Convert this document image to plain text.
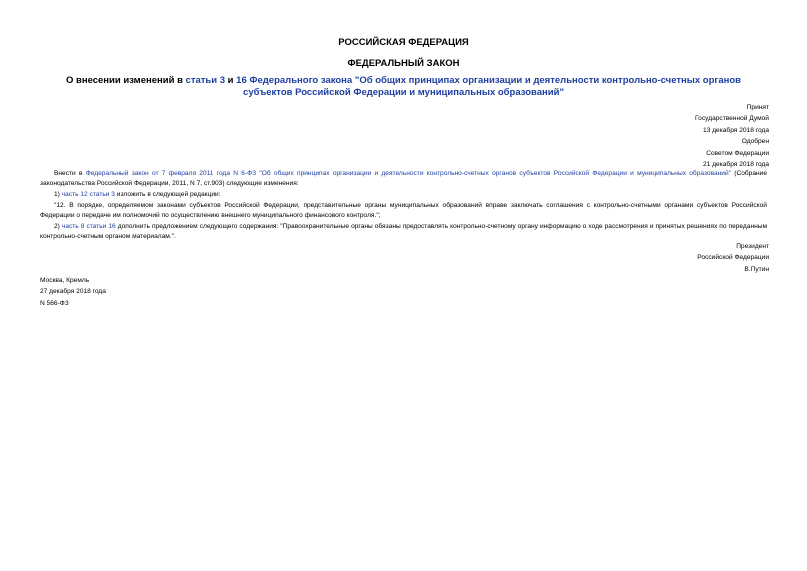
РОССИЙСКАЯ ФЕДЕРАЦИЯ
ФЕДЕРАЛЬНЫЙ ЗАКОН
О внесении изменений в статьи 3 и 16 Федерального закона "Об общих принципах организации и деятельности контрольно-счетных органов субъектов Российской Федерации и муниципальных образований"

Принят

Государственной Думой

13 декабря 2018 года

Одобрен

Советом Федерации

21 декабря 2018 года

Внести в Федеральный закон от 7 февраля 2011 года N 6-ФЗ "Об общих принципах организации и деятельности контрольно-счетных органов субъектов Российской Федерации и муниципальных образований" (Собрание законодательства Российской Федерации, 2011, N 7, ст.903) следующие изменения:
1) часть 12 статьи 3 изложить в следующей редакции:
"12. В порядке, определяемом законами субъектов Российской Федерации, представительные органы муниципальных образований вправе заключать соглашения с контрольно-счетными органами субъектов Российской Федерации о передаче им полномочий по осуществлению внешнего муниципального финансового контроля.";
2) часть 8 статьи 16 дополнить предложением следующего содержания: "Правоохранительные органы обязаны предоставлять контрольно-счетному органу информацию о ходе рассмотрения и принятых решениях по переданным контрольно-счетным органом материалам.".

Президент

Российской Федерации

В.Путин

Москва, Кремль

27 декабря 2018 года

N 566-ФЗ
